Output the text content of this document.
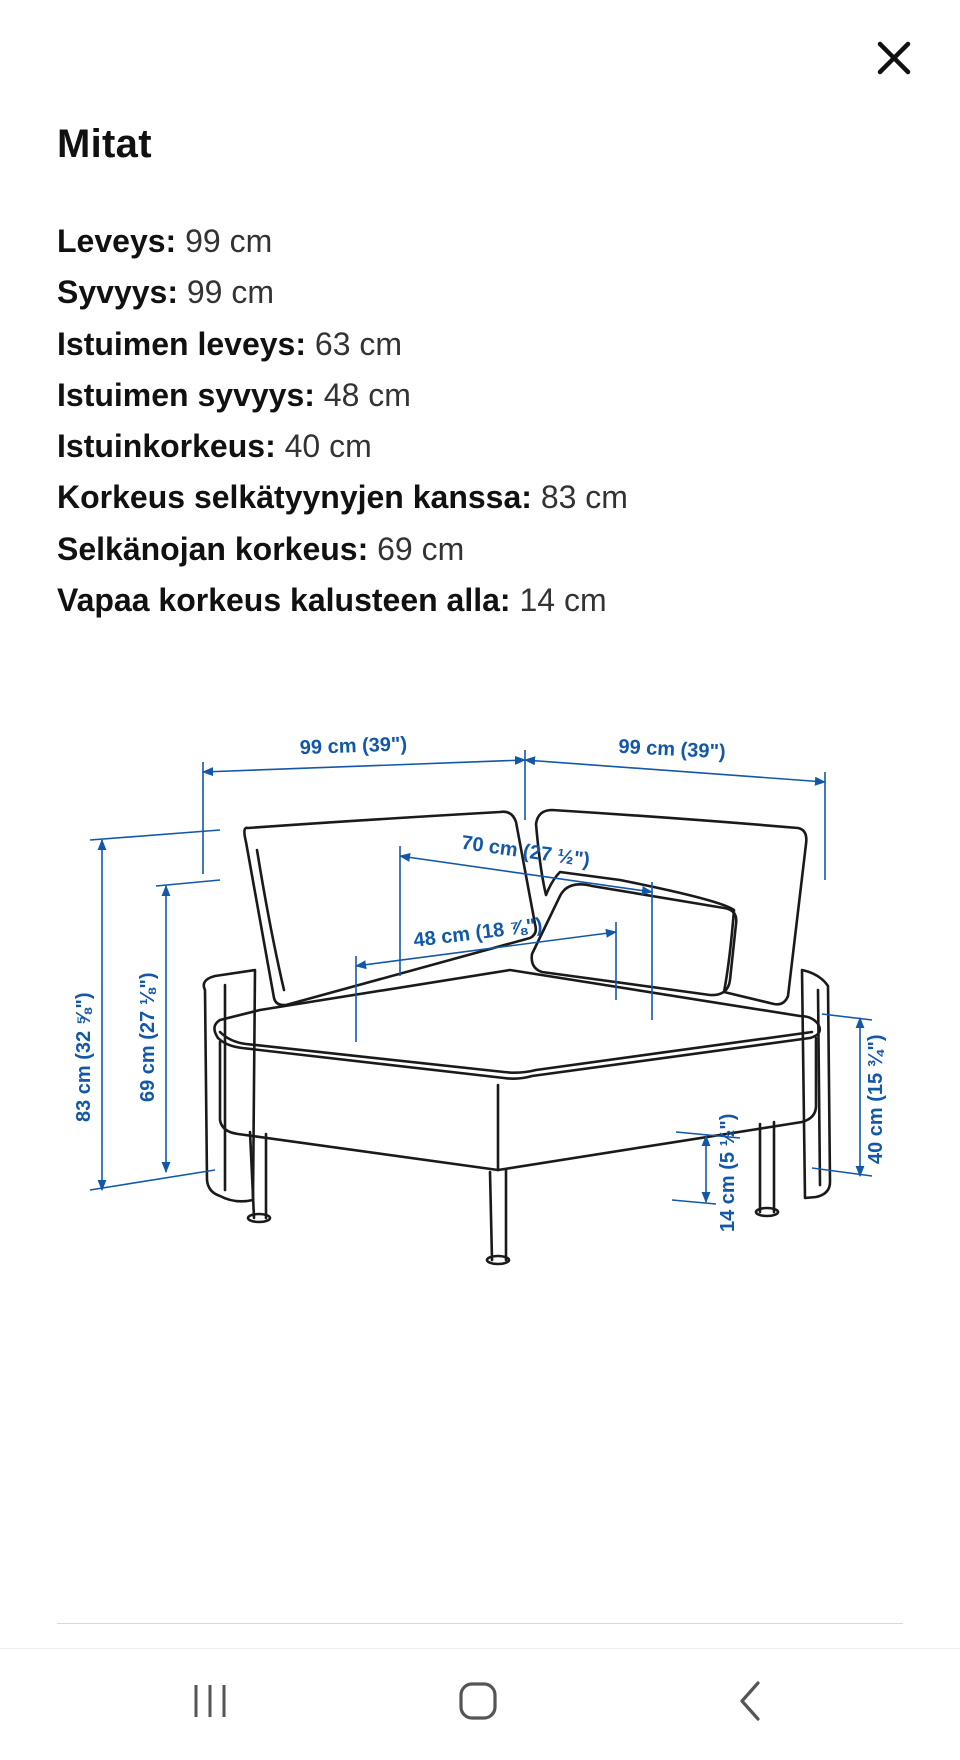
Mitat
Leveys: 99 cm
Syvyys: 99 cm
Istuimen leveys: 63 cm
Istuimen syvyys: 48 cm
Istuinkorkeus: 40 cm
Korkeus selkätyynyjen kanssa: 83 cm
Selkänojan korkeus: 69 cm
Vapaa korkeus kalusteen alla: 14 cm
99 cm (39")	99 cm (39")
70 cm (27 ½")
48 cm (18 ⅞")
83 cm (32 ⅝") 69 cm (27 ⅛")	40 cm (15 ¾")
14 cm (5 ½")
